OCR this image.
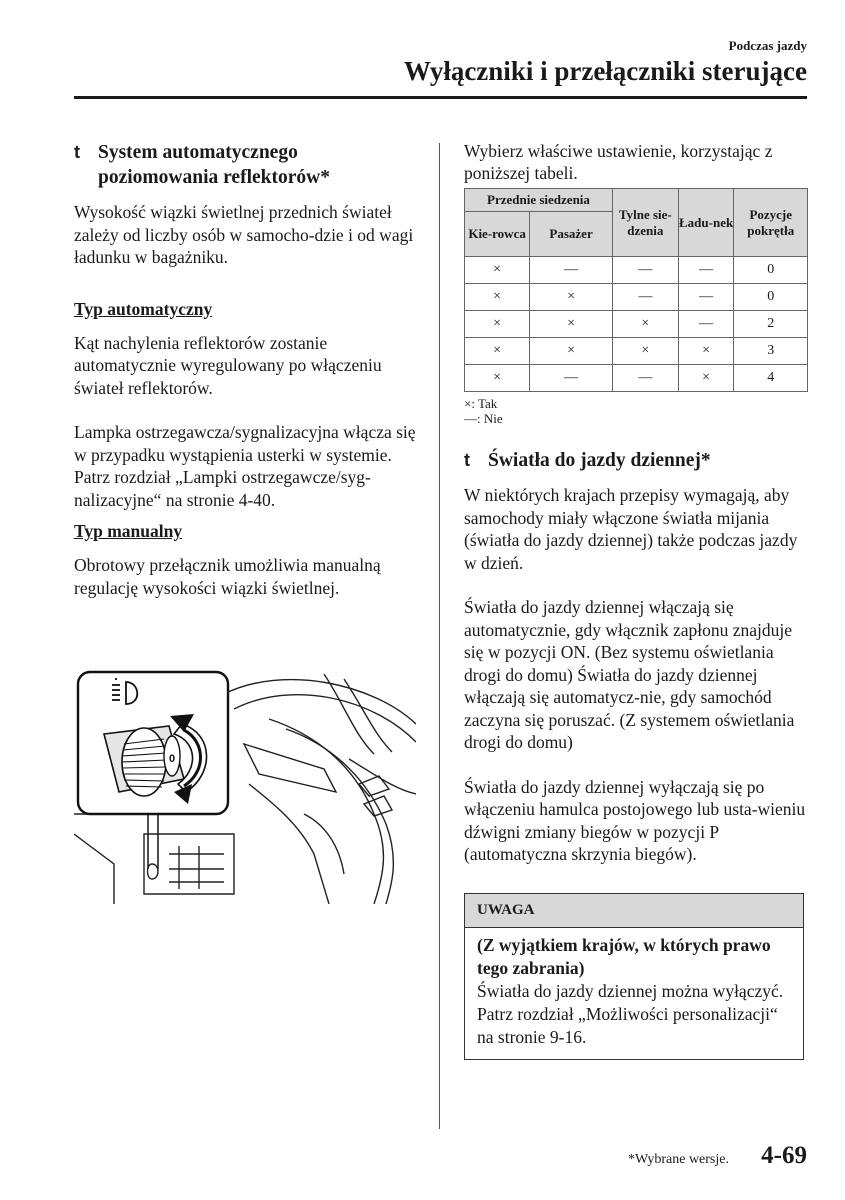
Podczas jazdy
Wyłączniki i przełączniki sterujące
t System automatycznego
poziomowania reflektorów*
Wysokość wiązki świetlnej przednich świateł zależy od liczby osób w samocho-dzie i od wagi ładunku w bagażniku.
Typ automatyczny
Kąt nachylenia reflektorów zostanie automatycznie wyregulowany po włączeniu świateł reflektorów.
Lampka ostrzegawcza/sygnalizacyjna włącza się w przypadku wystąpienia usterki w systemie.
Patrz rozdział „Lampki ostrzegawcze/syg-nalizacyjne“ na stronie 4-40.
Typ manualny
Obrotowy przełącznik umożliwia manualną regulację wysokości wiązki świetlnej.
0
Wybierz właściwe ustawienie, korzystając z poniższej tabeli.
Przednie siedzenia		Tylne sie-dzenia	Ładu-nek	Pozycje pokrętła
Kie-rowca	Pasażer			
×	—	—	—	0
×	×	—	—	0
×	×	×	—	2
×	×	×	×	3
×	—	—	×	4
×: Tak
—: Nie
t Światła do jazdy dziennej*
W niektórych krajach przepisy wymagają, aby samochody miały włączone światła mijania (światła do jazdy dziennej) także podczas jazdy w dzień.
Światła do jazdy dziennej włączają się automatycznie, gdy włącznik zapłonu znajduje się w pozycji ON. (Bez systemu oświetlania drogi do domu) Światła do jazdy dziennej włączają się automatycz-nie, gdy samochód zaczyna się poruszać. (Z systemem oświetlania drogi do domu)
Światła do jazdy dziennej wyłączają się po włączeniu hamulca postojowego lub usta-wieniu dźwigni zmiany biegów w pozycji P (automatyczna skrzynia biegów).
UWAGA
(Z wyjątkiem krajów, w których prawo tego zabrania)
Światła do jazdy dziennej można wyłączyć. Patrz rozdział „Możliwości personalizacji“ na stronie 9-16.
*Wybrane wersje. 4-69
